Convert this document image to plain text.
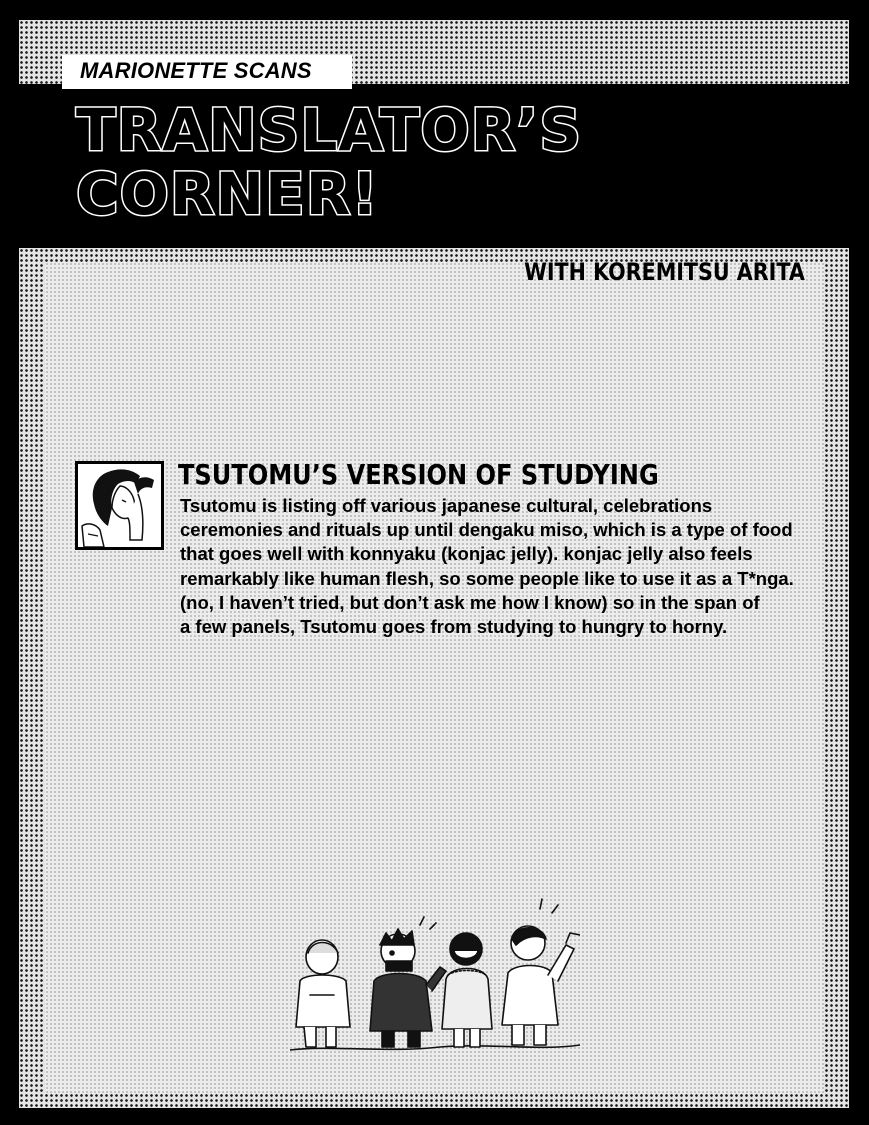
MARIONETTE SCANS
TRANSLATOR’S
CORNER!
WITH KOREMITSU ARITA
TSUTOMU’S VERSION OF STUDYING
Tsutomu is listing off various japanese cultural, celebrations
ceremonies and rituals up until dengaku miso, which is a type of food
that goes well with konnyaku (konjac jelly). konjac jelly also feels
remarkably like human flesh, so some people like to use it as a T*nga.
(no, I haven’t tried, but don’t ask me how I know) so in the span of
a few panels, Tsutomu goes from studying to hungry to horny.
